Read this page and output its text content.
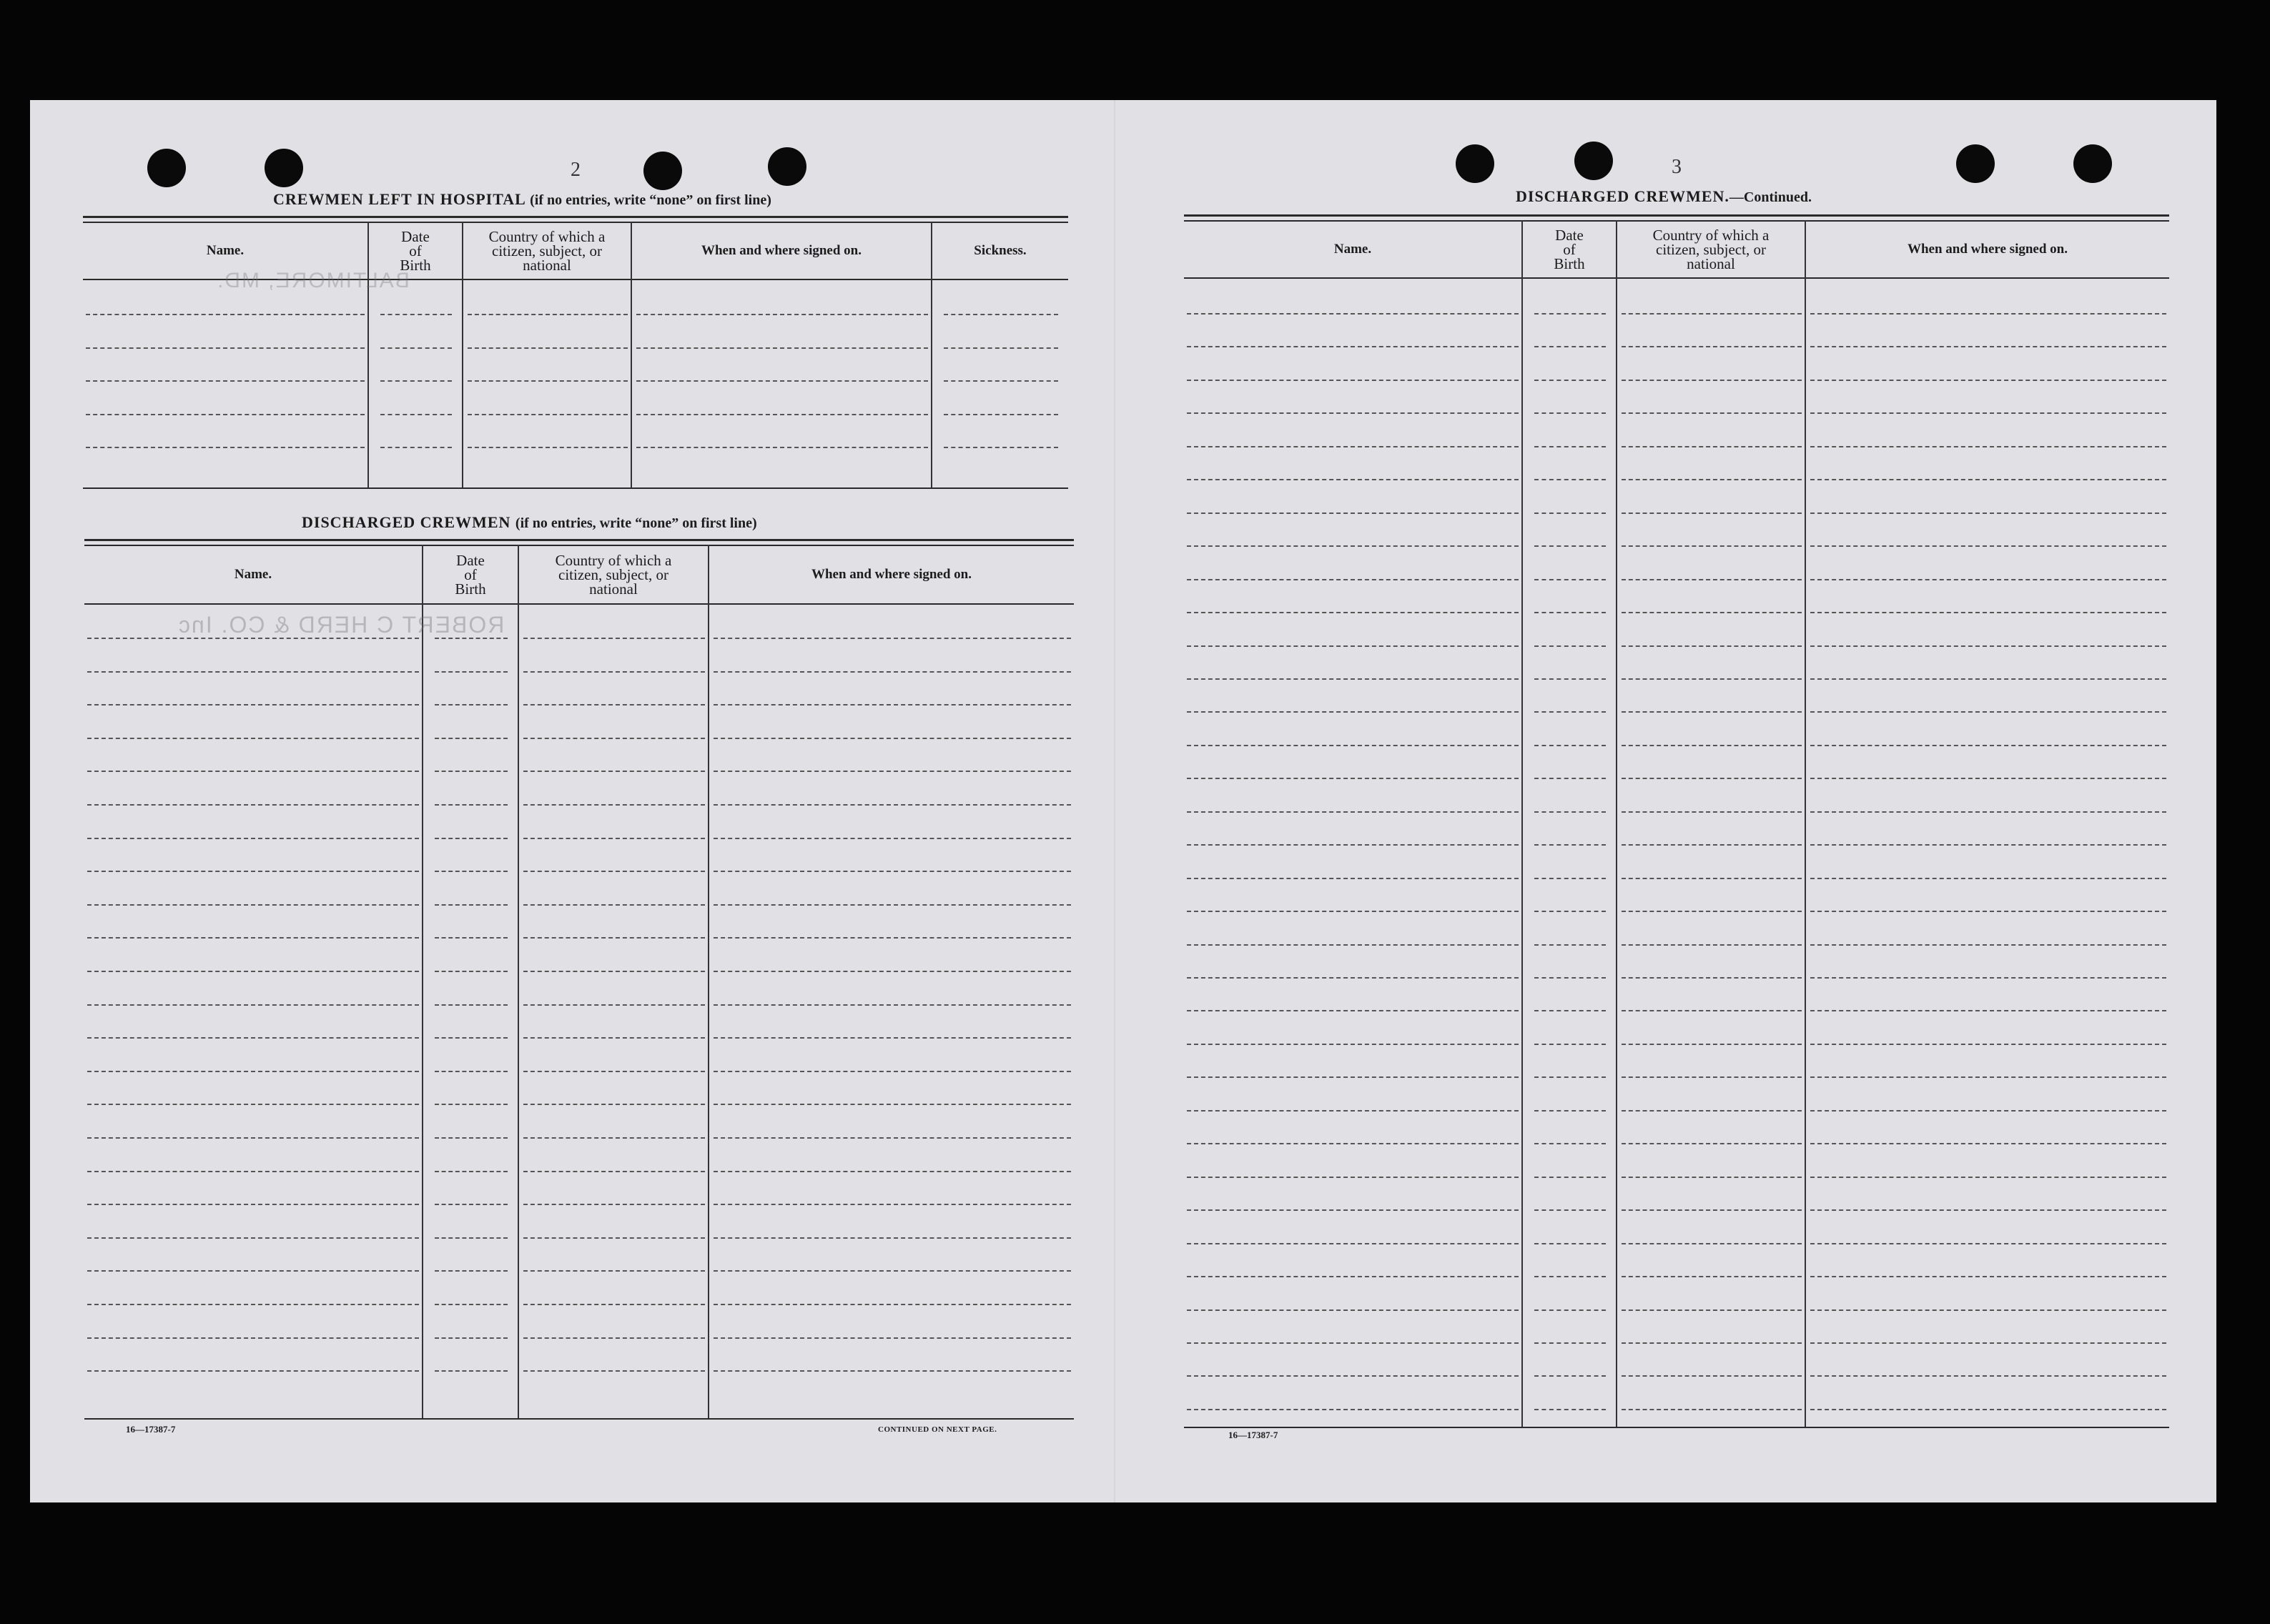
2
CREWMEN LEFT IN HOSPITAL (if no entries, write “none” on first line)
Name.
Date
of
Birth
Country of which a
citizen, subject, or
national
When and where signed on.	Sickness.
BALTIMORE, MD.
DISCHARGED CREWMEN (if no entries, write “none” on first line)
Name.
Date
of
Birth
Country of which a
citizen, subject, or
national
When and where signed on.
ROBERT C HERD & CO. Inc
16—17387-7	CONTINUED ON NEXT PAGE.
3
DISCHARGED CREWMEN.—Continued.
Name.
Date
of
Birth
Country of which a
citizen, subject, or
national
When and where signed on.
16—17387-7
